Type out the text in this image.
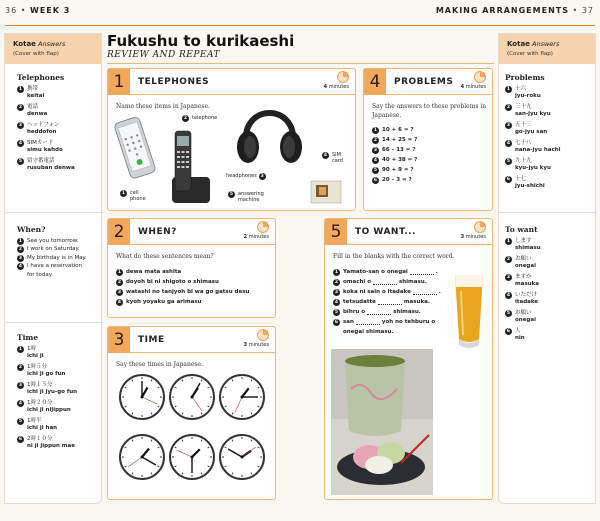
36 • WEEK 3	MAKING ARRANGEMENTS • 37
Kotae Answers
(Cover with flap)
Telephones
1 携帯
keitai
2 電話
denwa
3 ヘッドフォン
heddofon
4 SIMカード
simu kahdo
5 留守番電話
rusuban denwa
When?
1 See you tomorrow.
2 I work on Saturday.
3 My birthday is in May.
4 I have a reservation
for today.
Time
1 1時
ichi ji
2 1時５分
ichi ji go fun
3 1時１５分
ichi ji jyu-go fun
4 1時２０分
ichi ji nijippun
5 1時半
ichi ji han
6 2時１０分
ni ji jippun mae
Kotae Answers
(Cover with flap)
Problems
1 十六
jyu-roku
2 三十九
san-jyu kyu
3 五十三
go-jyu san
4 七十八
nana-jyu hachi
5 九十九
kyu-jyu kyu
6 十七
jyu-shichi
To want
1 します
shimasu
2 お願い
onegai
3 ますか
masuka
4 いただけ
itadake
5 お願い
onegai
6 人
nin
Fukushu to kurikaeshi
REVIEW AND REPEAT
1	TELEPHONES	4 minutes
Name these items in Japanese.
1 cell phone
2 telephone
headphones 3
4 SIM card
5 answering machine
4	PROBLEMS 4 minutes
Say the answers to these problems in Japanese.
1 10 + 6 = ?
2 14 + 25 = ?
3 66 – 13 = ?
4 40 + 38 = ?
5 90 + 9 = ?
6 20 – 3 = ?
2	WHEN?	2 minutes
What do these sentences mean?
1 dewa mata ashita
2 doyoh bi ni shigoto o shimasu
3 watashi no tanjyoh bi wa go gatsu desu
4 kyoh yoyaku ga arimasu
3	TIME	3 minutes
Say these times in Japanese.
5	TO WANT...	3 minutes
Fill in the blanks with the correct word.
1 Yamato-san o onegai	.
2 omachi o	shimasu.
3 koka ni sain o itadake	.
4 tetsudatte	masuka.
5 bihru o	shimasu.
6 san	yoh no tehburu o
onegai shimasu.
